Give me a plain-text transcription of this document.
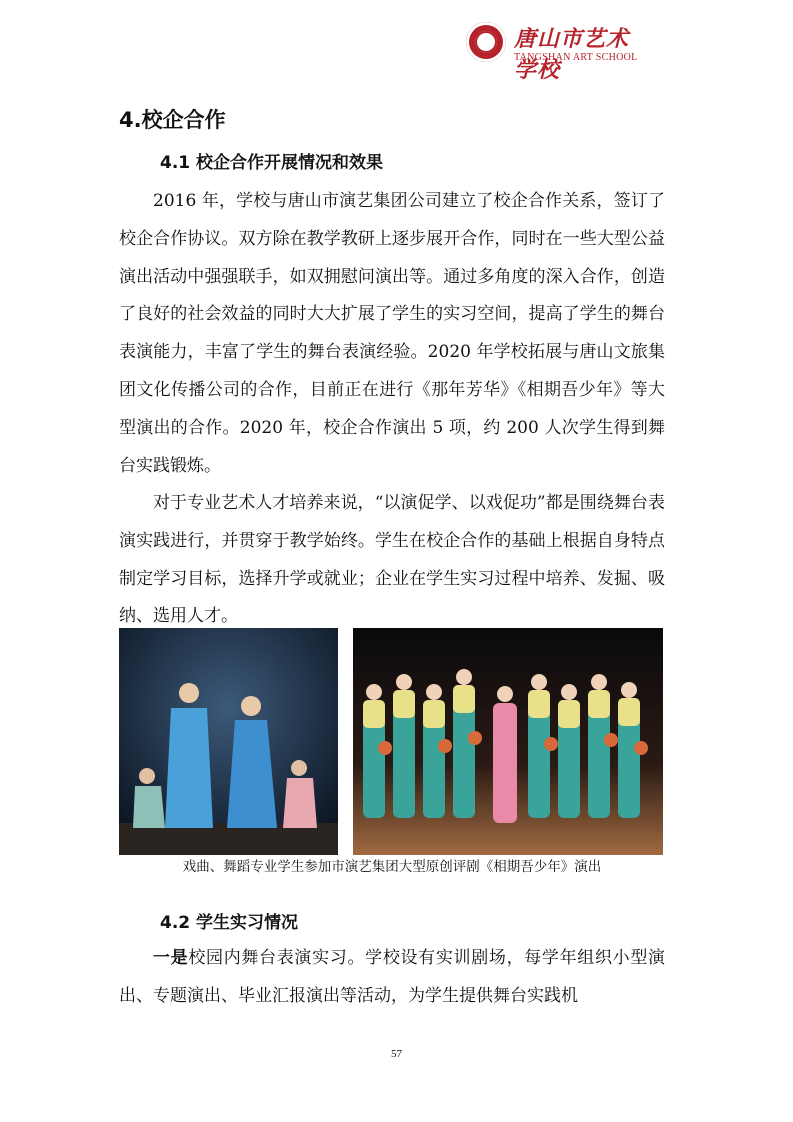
唐山市艺术学校
TANGSHAN ART SCHOOL
4.校企合作
4.1 校企合作开展情况和效果

2016 年，学校与唐山市演艺集团公司建立了校企合作关系，签订了校企合作协议。双方除在教学教研上逐步展开合作，同时在一些大型公益演出活动中强强联手，如双拥慰问演出等。通过多角度的深入合作，创造了良好的社会效益的同时大大扩展了学生的实习空间，提高了学生的舞台表演能力，丰富了学生的舞台表演经验。2020 年学校拓展与唐山文旅集团文化传播公司的合作，目前正在进行《那年芳华》《相期吾少年》等大型演出的合作。2020 年，校企合作演出 5 项，约 200 人次学生得到舞台实践锻炼。

对于专业艺术人才培养来说，“以演促学、以戏促功”都是围绕舞台表演实践进行，并贯穿于教学始终。学生在校企合作的基础上根据自身特点制定学习目标，选择升学或就业；企业在学生实习过程中培养、发掘、吸纳、选用人才。

戏曲、舞蹈专业学生参加市演艺集团大型原创评剧《相期吾少年》演出
4.2 学生实习情况

一是校园内舞台表演实习。学校设有实训剧场，每学年组织小型演出、专题演出、毕业汇报演出等活动，为学生提供舞台实践机

57
